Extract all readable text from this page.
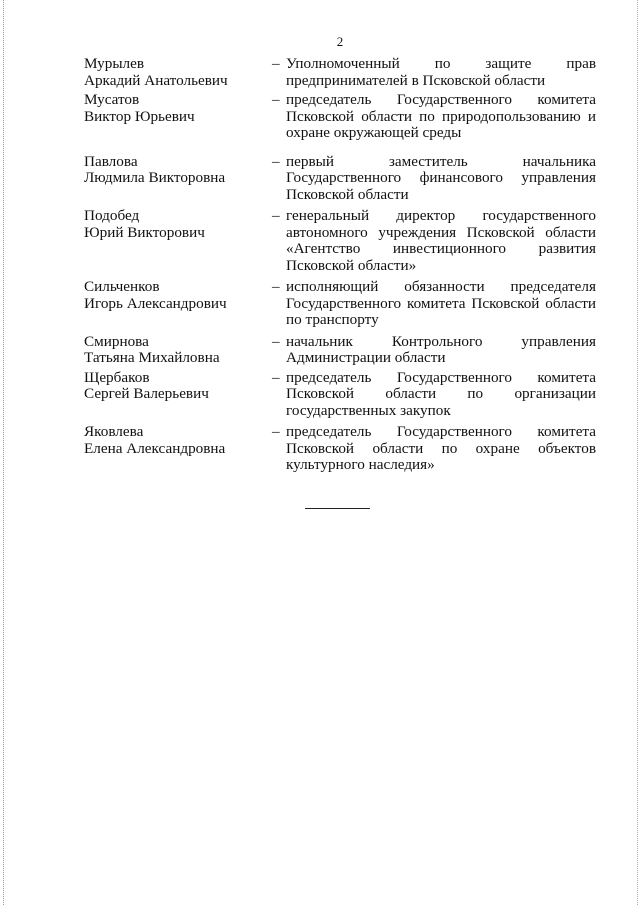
2
Мурылев
Аркадий Анатольевич
– Уполномоченный по защите прав предпринимателей в Псковской области
Мусатов
Виктор Юрьевич
– председатель Государственного комитета Псковской области по природопользованию и охране окружающей среды
Павлова
Людмила Викторовна
– первый заместитель начальника Государственного финансового управления Псковской области
Подобед
Юрий Викторович
– генеральный директор государственного автономного учреждения Псковской области «Агентство инвестиционного развития Псковской области»
Сильченков
Игорь Александрович
– исполняющий обязанности председателя Государственного комитета Псковской области по транспорту
Смирнова
Татьяна Михайловна
– начальник Контрольного управления Администрации области
Щербаков
Сергей Валерьевич
– председатель Государственного комитета Псковской области по организации государственных закупок
Яковлева
Елена Александровна
– председатель Государственного комитета Псковской области по охране объектов культурного наследия»
